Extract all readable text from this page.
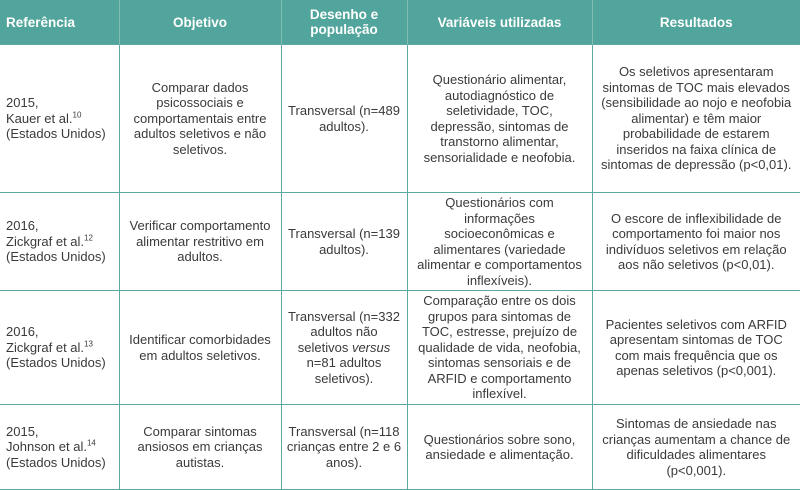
Referência	Objetivo	Desenho e população	Variáveis utilizadas	Resultados
2015,
Kauer et al.$^{10}$
(Estados Unidos)	Comparar dados psicossociais e comportamentais entre adultos seletivos e não seletivos.	Transversal (n=489 adultos).	Questionário alimentar, autodiagnóstico de seletividade, TOC, depressão, sintomas de transtorno alimentar, sensorialidade e neofobia.	Os seletivos apresentaram sintomas de TOC mais elevados (sensibilidade ao nojo e neofobia alimentar) e têm maior probabilidade de estarem inseridos na faixa clínica de sintomas de depressão (p<0,01).
2016,
Zickgraf et al.$^{12}$
(Estados Unidos)	Verificar comportamento alimentar restritivo em adultos.	Transversal (n=139 adultos).	Questionários com informações socioeconômicas e alimentares (variedade alimentar e comportamentos inflexíveis).	O escore de inflexibilidade de comportamento foi maior nos indivíduos seletivos em relação aos não seletivos (p<0,01).
2016,
Zickgraf et al.$^{13}$
(Estados Unidos)	Identificar comorbidades em adultos seletivos.	Transversal (n=332 adultos não seletivos versus n=81 adultos seletivos).	Comparação entre os dois grupos para sintomas de TOC, estresse, prejuízo de qualidade de vida, neofobia, sintomas sensoriais e de ARFID e comportamento inflexível.	Pacientes seletivos com ARFID apresentam sintomas de TOC com mais frequência que os apenas seletivos (p<0,001).
2015,
Johnson et al.$^{14}$
(Estados Unidos)	Comparar sintomas ansiosos em crianças autistas.	Transversal (n=118 crianças entre 2 e 6 anos).	Questionários sobre sono, ansiedade e alimentação.	Sintomas de ansiedade nas crianças aumentam a chance de dificuldades alimentares (p<0,001).
